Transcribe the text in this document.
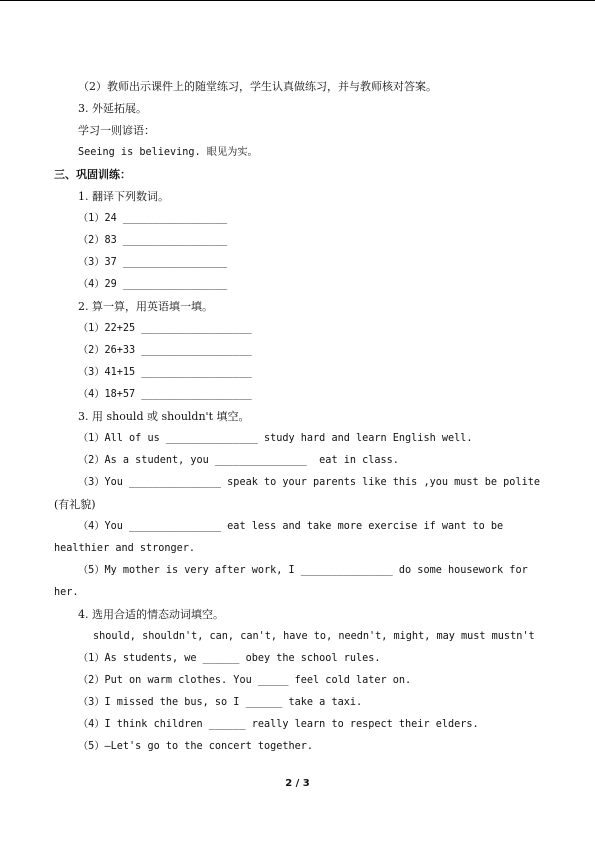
（2）教师出示课件上的随堂练习，学生认真做练习，并与教师核对答案。
3. 外延拓展。
学习一则谚语：
Seeing is believing. 眼见为实。
三、巩固训练：
1. 翻译下列数词。
（1）24 _________________
（2）83 _________________
（3）37 _________________
（4）29 _________________
2. 算一算，用英语填一填。
（1）22+25 __________________
（2）26+33 __________________
（3）41+15 __________________
（4）18+57 __________________
3. 用 should 或 shouldn't 填空。
（1）All of us _______________ study hard and learn English well.
（2）As a student, you _______________  eat in class.
（3）You _______________ speak to your parents like this ,you must be polite
(有礼貌)
（4）You _______________ eat less and take more exercise if want to be
healthier and stronger.
（5）My mother is very after work, I _______________ do some housework for
her.
4. 选用合适的情态动词填空。
should, shouldn't, can, can't, have to, needn't, might, may must mustn't
（1）As students, we ______ obey the school rules.
（2）Put on warm clothes. You _____ feel cold later on.
（3）I missed the bus, so I ______ take a taxi.
（4）I think children ______ really learn to respect their elders.
（5）—Let's go to the concert together.
2 / 3
